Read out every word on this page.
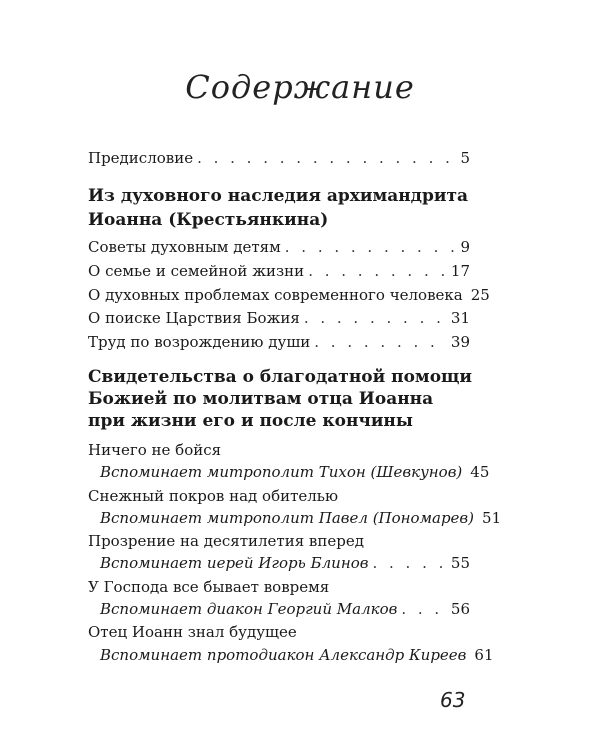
Содержание
Предисловие . . .	5
Из духовного наследия архимандрита
Иоанна (Крестьянкина)
Советы духовным детям . . .	9
О семье и семейной жизни . . .	17
О духовных проблемах современного человека 25
О поиске Царствия Божия . . .	31
Труд по возрождению души . . .	39
Свидетельства о благодатной помощи
Божией по молитвам отца Иоанна
при жизни его и после кончины
Ничего не бойся
Вспоминает митрополит Тихон (Шевкунов) 45
Снежный покров над обителью
Вспоминает митрополит Павел (Пономарев) 51
Прозрение на десятилетия вперед
Вспоминает иерей Игорь Блинов . . .	55
У Господа все бывает вовремя
Вспоминает диакон Георгий Малков . . .	56
Отец Иоанн знал будущее
Вспоминает протодиакон Александр Киреев 61
63
